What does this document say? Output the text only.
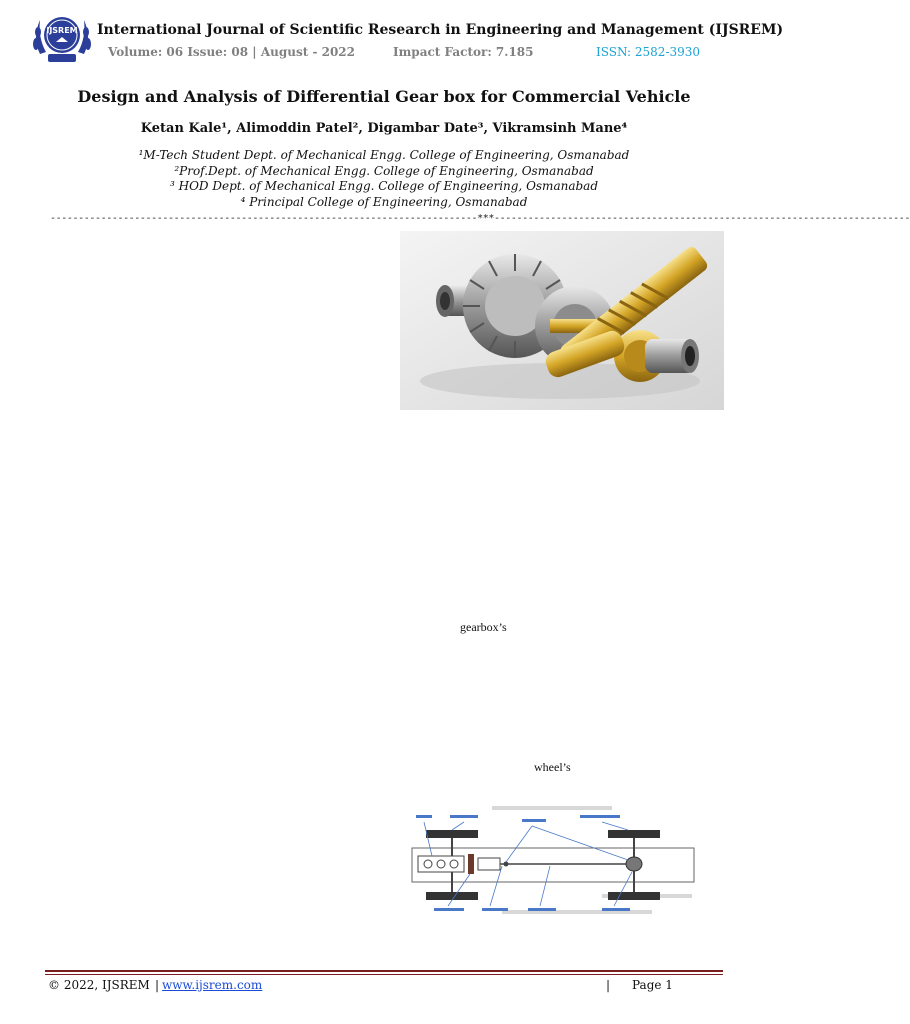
IJSREM International Journal of Scientific Research in Engineering and Management (IJSREM)
Volume: 06 Issue: 08 | August - 2022	Impact Factor: 7.185	ISSN: 2582-3930
Design and Analysis of Differential Gear box for Commercial Vehicle
Ketan Kale¹, Alimoddin Patel², Digambar Date³, Vikramsinh Mane⁴
¹M-Tech Student Dept. of Mechanical Engg. College of Engineering, Osmanabad
²Prof.Dept. of Mechanical Engg. College of Engineering, Osmanabad
³ HOD Dept. of Mechanical Engg. College of Engineering, Osmanabad
⁴ Principal College of Engineering, Osmanabad
----------------------------------------------------------------------------***--------------------------------------------------------------------------
gearbox’s
wheel’s
© 2022, IJSREM | www.ijsrem.com	| Page 1
